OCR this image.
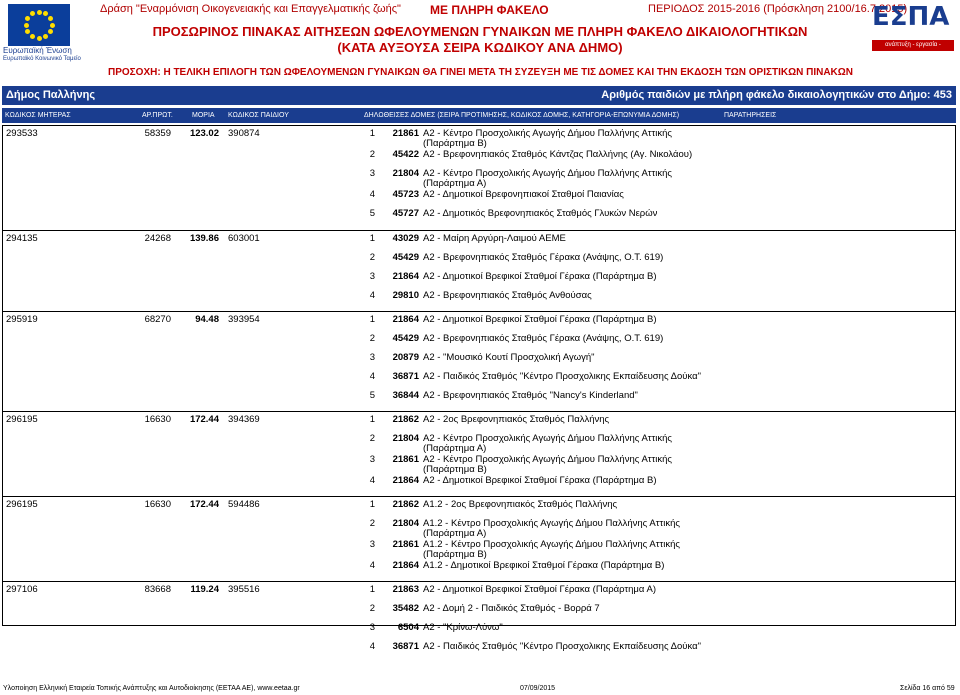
Ευρωπαϊκή Ένωση
Ευρωπαϊκό Κοινωνικό Ταμείο
Δράση "Εναρμόνιση Οικογενειακής και Επαγγελματικής ζωής" ΜΕ ΠΛΗΡΗ ΦΑΚΕΛΟ	ΠΕΡΙΟΔΟΣ 2015-2016 (Πρόσκληση 2100/16.7.2015)
ΕΣΠΑ
ανάπτυξη - εργασία - αλληλεγγύη
ΠΡΟΣΩΡΙΝΟΣ ΠΙΝΑΚΑΣ ΑΙΤΗΣΕΩΝ ΩΦΕΛΟΥΜΕΝΩΝ ΓΥΝΑΙΚΩΝ ΜΕ ΠΛΗΡΗ ΦΑΚΕΛΟ ΔΙΚΑΙΟΛΟΓΗΤΙΚΩΝ
(ΚΑΤΑ ΑΥΞΟΥΣΑ ΣΕΙΡΑ ΚΩΔΙΚΟΥ ΑΝΑ ΔΗΜΟ)
ΠΡΟΣΟΧΗ: Η ΤΕΛΙΚΗ ΕΠΙΛΟΓΗ ΤΩΝ ΩΦΕΛΟΥΜΕΝΩΝ ΓΥΝΑΙΚΩΝ ΘΑ ΓΙΝΕΙ ΜΕΤΑ ΤΗ ΣΥΖΕΥΞΗ ΜΕ ΤΙΣ ΔΟΜΕΣ ΚΑΙ ΤΗΝ ΕΚΔΟΣΗ ΤΩΝ ΟΡΙΣΤΙΚΩΝ ΠΙΝΑΚΩΝ
Δήμος Παλλήνης	Αριθμός παιδιών με πλήρη φάκελο δικαιολογητικών στο Δήμο: 453
ΚΩΔΙΚΟΣ ΜΗΤΕΡΑΣ	ΑΡ.ΠΡΩΤ.	ΜΟΡΙΑ ΚΩΔΙΚΟΣ ΠΑΙΔΙΟΥ	ΔΗΛΩΘΕΙΣΕΣ ΔΟΜΕΣ (ΣΕΙΡΑ ΠΡΟΤΙΜΗΣΗΣ, ΚΩΔΙΚΟΣ ΔΟΜΗΣ, ΚΑΤΗΓΟΡΙΑ-ΕΠΩΝΥΜΙΑ ΔΟΜΗΣ)	ΠΑΡΑΤΗΡΗΣΕΙΣ
293533	58359	123.02 390874	1	21861 Α2 - Κέντρο Προσχολικής Αγωγής Δήμου Παλλήνης Αττικής
(Παράρτημα Β)
2	45422 Α2 - Βρεφονηπιακός Σταθμός Κάντζας Παλλήνης (Αγ. Νικολάου)
3	21804 Α2 - Κέντρο Προσχολικής Αγωγής Δήμου Παλλήνης Αττικής
(Παράρτημα Α)
4	45723 Α2 - Δημοτικοί Βρεφονηπιακοί Σταθμοί Παιανίας
5	45727 Α2 - Δημοτικός Βρεφονηπιακός Σταθμός Γλυκών Νερών
294135	24268	139.86 603001	1	43029 Α2 - Μαίρη Αργύρη-Λαιμού ΑΕΜΕ
2	45429 Α2 - Βρεφονηπιακός Σταθμός Γέρακα (Ανάψης, Ο.Τ. 619)
3	21864 Α2 - Δημοτικοί Βρεφικοί Σταθμοί Γέρακα (Παράρτημα Β)
4	29810 Α2 - Βρεφονηπιακός Σταθμός Ανθούσας
295919	68270	94.48 393954	1	21864 Α2 - Δημοτικοί Βρεφικοί Σταθμοί Γέρακα (Παράρτημα Β)
2	45429 Α2 - Βρεφονηπιακός Σταθμός Γέρακα (Ανάψης, Ο.Τ. 619)
3	20879 Α2 - "Μουσικό Κουτί Προσχολική Αγωγή"
4	36871 Α2 - Παιδικός Σταθμός "Κέντρο Προσχολικης Εκπαίδευσης Δούκα"
5	36844 Α2 - Βρεφονηπιακός Σταθμός "Nancy's Kinderland"
296195	16630	172.44 394369	1	21862 Α2 - 2ος Βρεφονηπιακός Σταθμός Παλλήνης
2	21804 Α2 - Κέντρο Προσχολικής Αγωγής Δήμου Παλλήνης Αττικής
(Παράρτημα Α)
3	21861 Α2 - Κέντρο Προσχολικής Αγωγής Δήμου Παλλήνης Αττικής
(Παράρτημα Β)
4	21864 Α2 - Δημοτικοί Βρεφικοί Σταθμοί Γέρακα (Παράρτημα Β)
296195	16630	172.44 594486	1	21862 Α1.2 - 2ος Βρεφονηπιακός Σταθμός Παλλήνης
2	21804 Α1.2 - Κέντρο Προσχολικής Αγωγής Δήμου Παλλήνης Αττικής
(Παράρτημα Α)
3	21861 Α1.2 - Κέντρο Προσχολικής Αγωγής Δήμου Παλλήνης Αττικής
(Παράρτημα Β)
4	21864 Α1.2 - Δημοτικοί Βρεφικοί Σταθμοί Γέρακα (Παράρτημα Β)
297106	83668	119.24 395516	1	21863 Α2 - Δημοτικοί Βρεφικοί Σταθμοί Γέρακα (Παράρτημα Α)
2	35482 Α2 - Δομή 2 - Παιδικός Σταθμός - Βορρά 7
3	6504 Α2 - "Κρίνω-Λύνω"
4	36871 Α2 - Παιδικός Σταθμός "Κέντρο Προσχολικης Εκπαίδευσης Δούκα"
Υλοποίηση Ελληνική Εταιρεία Τοπικής Ανάπτυξης και Αυτοδιοίκησης (ΕΕΤΑΑ ΑΕ), www.eetaa.gr	07/09/2015	Σελίδα 16 από 59
